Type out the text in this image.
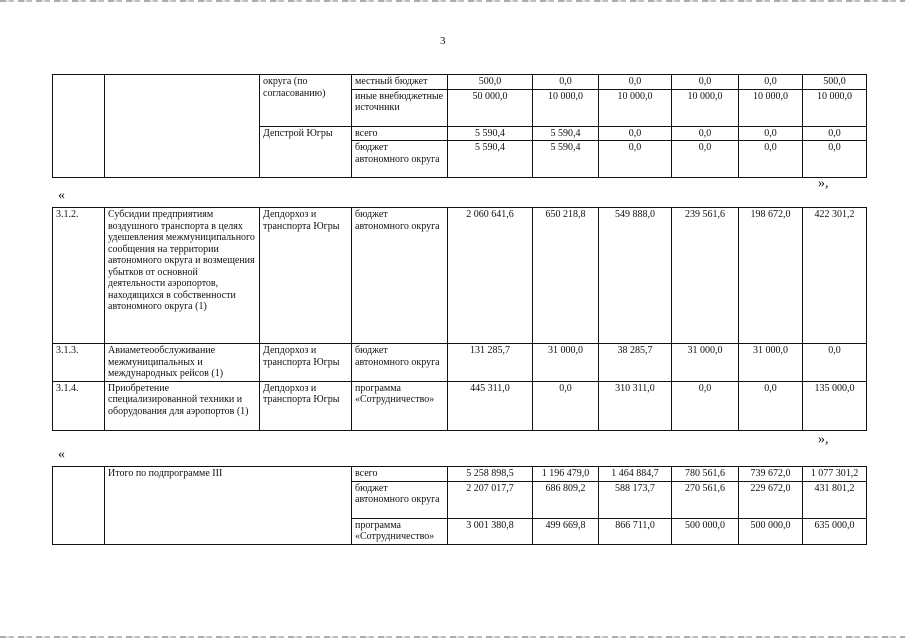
3
		округа (по согласованию)	местный бюджет	500,0	0,0	0,0	0,0	0,0	500,0
			иные внебюджетные источники	50 000,0	10 000,0	10 000,0	10 000,0	10 000,0	10 000,0
		Депстрой Югры	всего	5 590,4	5 590,4	0,0	0,0	0,0	0,0
			бюджет автономного округа	5 590,4	5 590,4	0,0	0,0	0,0	0,0
»,
«
3.1.2.	Субсидии предприятиям воздушного транспорта в целях удешевления межмуниципального сообщения на территории автономного округа и возмещения убытков от основной деятельности аэропортов, находящихся в собственности автономного округа (1)	Депдорхоз и транспорта Югры	бюджет автономного округа	2 060 641,6	650 218,8	549 888,0	239 561,6	198 672,0	422 301,2
3.1.3.	Авиаметеообслуживание межмуниципальных и международных рейсов (1)	Депдорхоз и транспорта Югры	бюджет автономного округа	131 285,7	31 000,0	38 285,7	31 000,0	31 000,0	0,0
3.1.4.	Приобретение специализированной техники и оборудования для аэропортов (1)	Депдорхоз и транспорта Югры	программа «Сотрудничество»	445 311,0	0,0	310 311,0	0,0	0,0	135 000,0
»,
«
	Итого по подпрограмме III	всего	5 258 898,5	1 196 479,0	1 464 884,7	780 561,6	739 672,0	1 077 301,2
		бюджет автономного округа	2 207 017,7	686 809,2	588 173,7	270 561,6	229 672,0	431 801,2
		программа «Сотрудничество»	3 001 380,8	499 669,8	866 711,0	500 000,0	500 000,0	635 000,0
